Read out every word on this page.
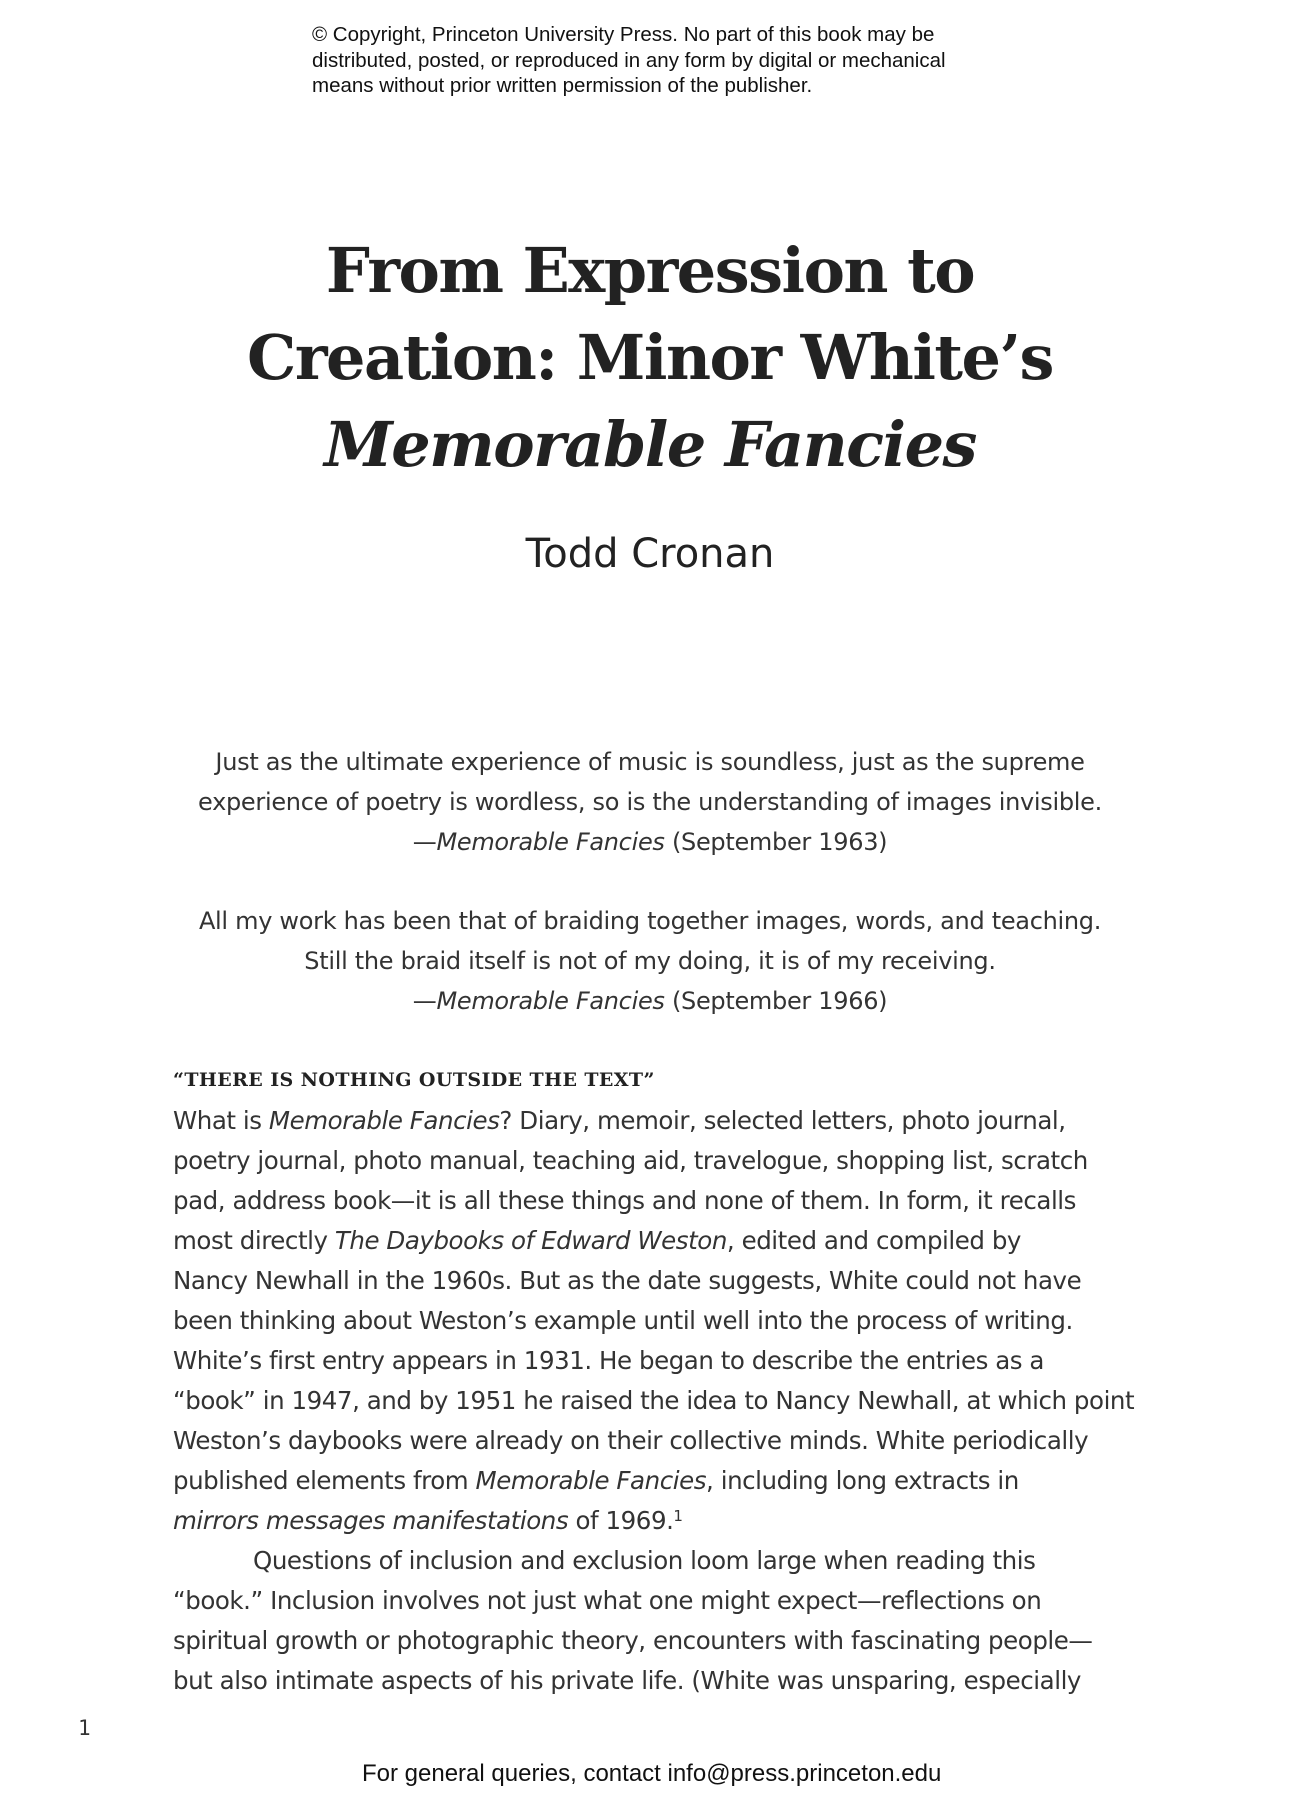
© Copyright, Princeton University Press. No part of this book may be
distributed, posted, or reproduced in any form by digital or mechanical
means without prior written permission of the publisher.
From Expression to
Creation: Minor White’s
Memorable Fancies
Todd Cronan
Just as the ultimate experience of music is soundless, just as the supreme
experience of poetry is wordless, so is the understanding of images invisible.
—Memorable Fancies (September 1963)
All my work has been that of braiding together images, words, and teaching.
Still the braid itself is not of my doing, it is of my receiving.
—Memorable Fancies (September 1966)
“THERE IS NOTHING OUTSIDE THE TEXT”
What is Memorable Fancies? Diary, memoir, selected letters, photo journal,
poetry journal, photo manual, teaching aid, travelogue, shopping list, scratch
pad, address book—it is all these things and none of them. In form, it recalls
most directly The Daybooks of Edward Weston, edited and compiled by
Nancy Newhall in the 1960s. But as the date suggests, White could not have
been thinking about Weston’s example until well into the process of writing.
White’s first entry appears in 1931. He began to describe the entries as a
“book” in 1947, and by 1951 he raised the idea to Nancy Newhall, at which point
Weston’s daybooks were already on their collective minds. White periodically
published elements from Memorable Fancies, including long extracts in
mirrors messages manifestations of 1969.$^1$
Questions of inclusion and exclusion loom large when reading this
“book.” Inclusion involves not just what one might expect—reflections on
spiritual growth or photographic theory, encounters with fascinating people—
but also intimate aspects of his private life. (White was unsparing, especially
1
For general queries, contact info@press.princeton.edu
